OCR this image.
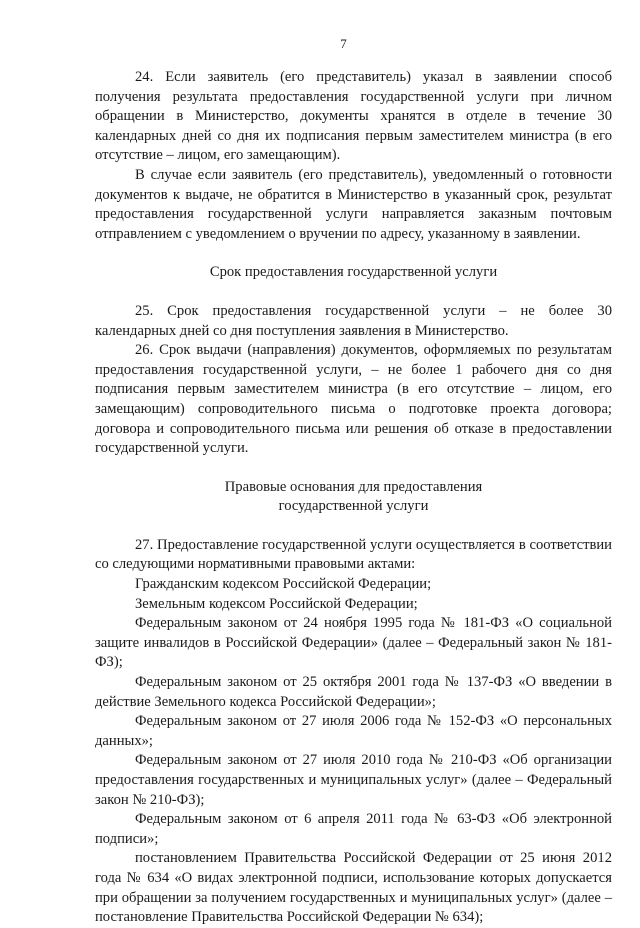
7

24. Если заявитель (его представитель) указал в заявлении способ получения результата предоставления государственной услуги при личном обращении в Министерство, документы хранятся в отделе в течение 30 календарных дней со дня их подписания первым заместителем министра (в его отсутствие – лицом, его замещающим).

В случае если заявитель (его представитель), уведомленный о готовности документов к выдаче, не обратится в Министерство в указанный срок, результат предоставления государственной услуги направляется заказным почтовым отправлением с уведомлением о вручении по адресу, указанному в заявлении.

Срок предоставления государственной услуги

25. Срок предоставления государственной услуги – не более 30 календарных дней со дня поступления заявления в Министерство.

26. Срок выдачи (направления) документов, оформляемых по результатам предоставления государственной услуги, – не более 1 рабочего дня со дня подписания первым заместителем министра (в его отсутствие – лицом, его замещающим) сопроводительного письма о подготовке проекта договора; договора и сопроводительного письма или решения об отказе в предоставлении государственной услуги.

Правовые основания для предоставления

государственной услуги

27. Предоставление государственной услуги осуществляется в соответствии со следующими нормативными правовыми актами:

Гражданским кодексом Российской Федерации;

Земельным кодексом Российской Федерации;

Федеральным законом от 24 ноября 1995 года № 181-ФЗ «О социальной защите инвалидов в Российской Федерации» (далее – Федеральный закон № 181-ФЗ);

Федеральным законом от 25 октября 2001 года № 137-ФЗ «О введении в действие Земельного кодекса Российской Федерации»;

Федеральным законом от 27 июля 2006 года № 152-ФЗ «О персональных данных»;

Федеральным законом от 27 июля 2010 года № 210-ФЗ «Об организации предоставления государственных и муниципальных услуг» (далее – Федеральный закон № 210-ФЗ);

Федеральным законом от 6 апреля 2011 года № 63-ФЗ «Об электронной подписи»;

постановлением Правительства Российской Федерации от 25 июня 2012 года № 634 «О видах электронной подписи, использование которых допускается при обращении за получением государственных и муниципальных услуг» (далее – постановление Правительства Российской Федерации № 634);
